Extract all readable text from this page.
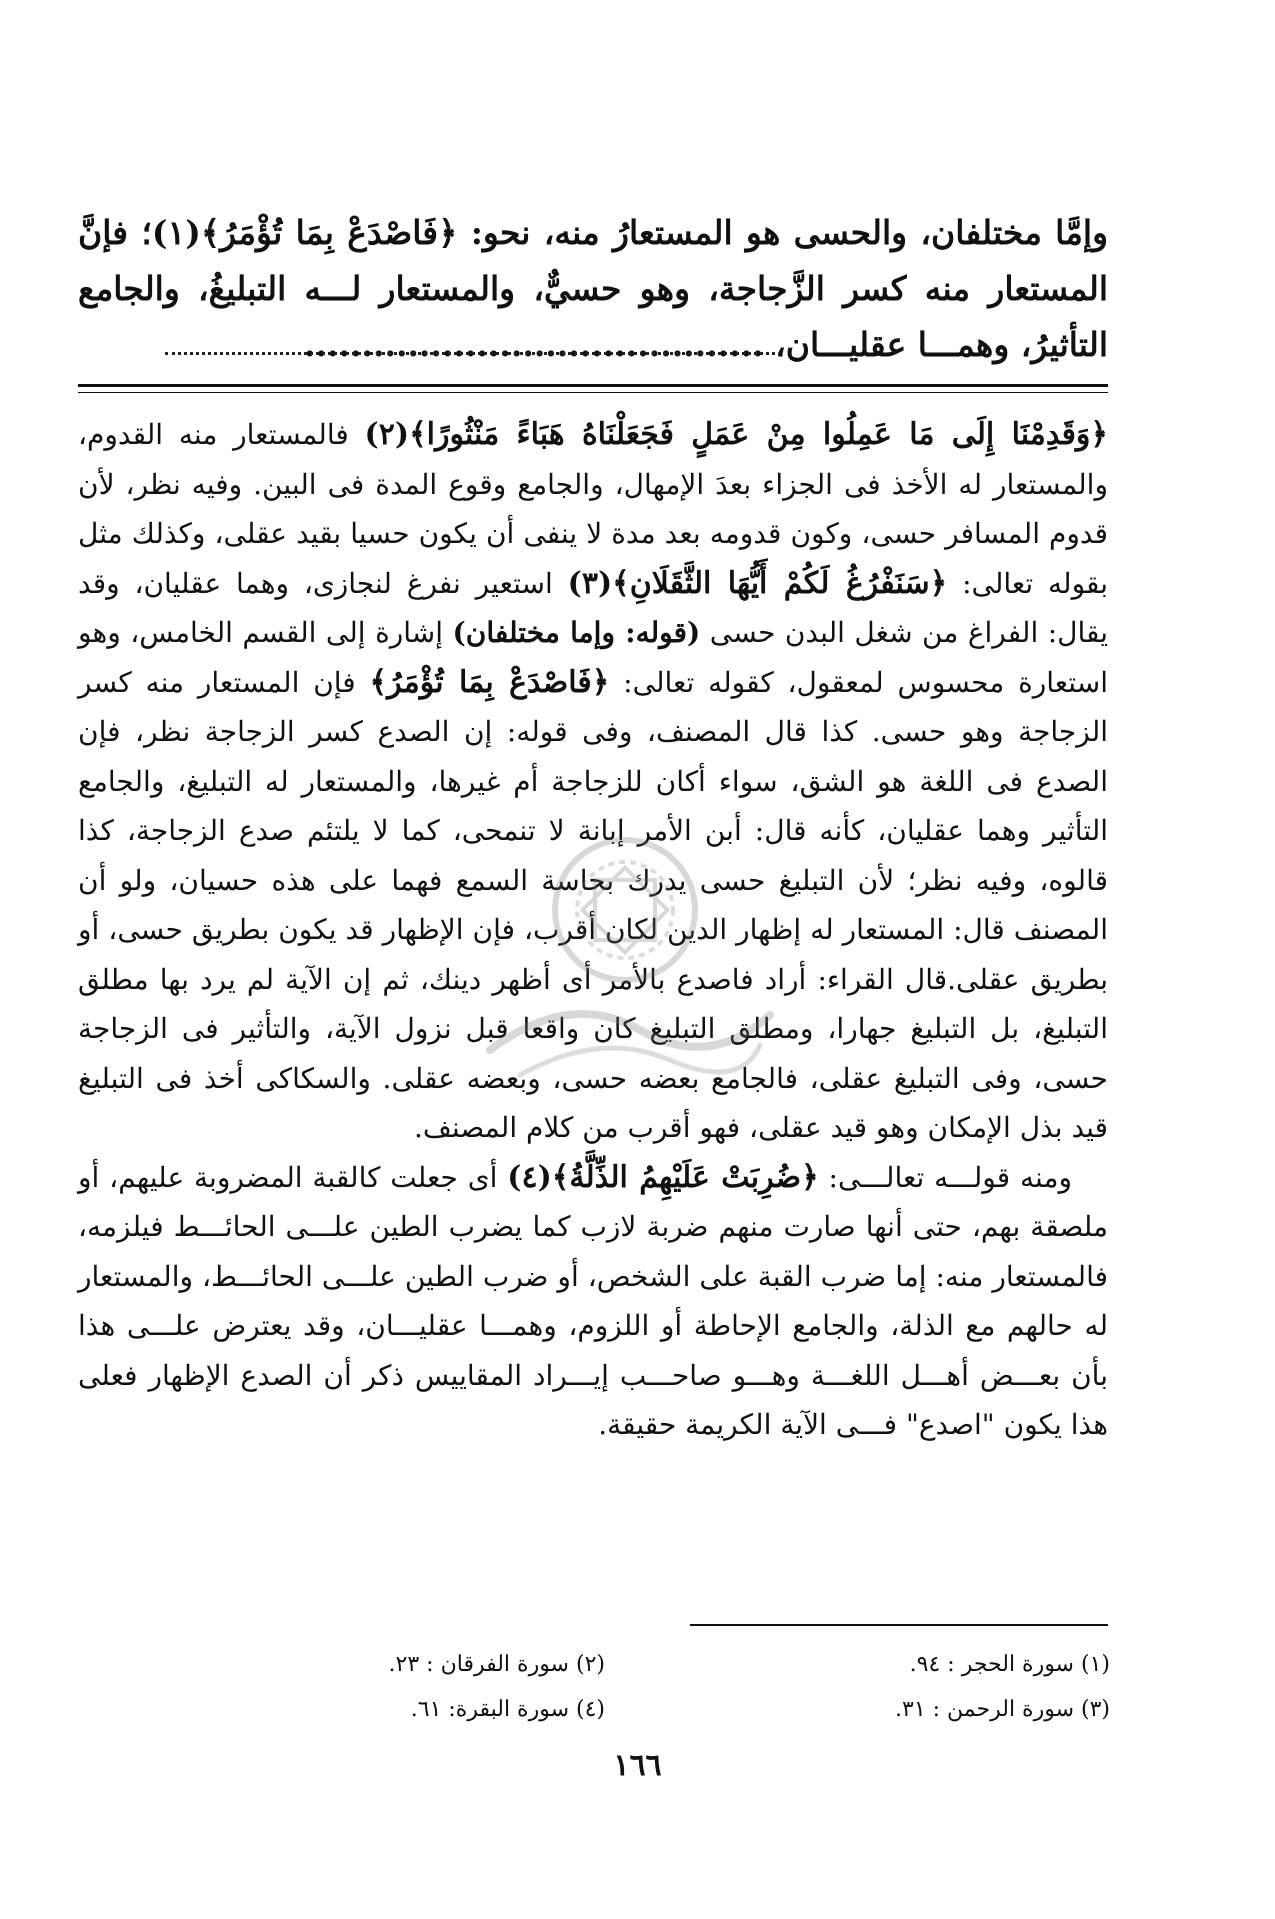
وإمَّا مختلفان، والحسى هو المستعارُ منه، نحو: ﴿فَاصْدَعْ بِمَا تُؤْمَرُ﴾(١)؛ فإنَّ المستعار منه كسر الزَّجاجة، وهو حسيٌّ، والمستعار لـــه التبليغُ، والجامع التأثيرُ، وهمـــا عقليـــان، ........................................

﴿وَقَدِمْنَا إِلَى مَا عَمِلُوا مِنْ عَمَلٍ فَجَعَلْنَاهُ هَبَاءً مَنْثُورًا﴾(٢) فالمستعار منه القدوم، والمستعار له الأخذ فى الجزاء بعدَ الإمهال، والجامع وقوع المدة فى البين. وفيه نظر، لأن قدوم المسافر حسى، وكون قدومه بعد مدة لا ينفى أن يكون حسيا بقيد عقلى، وكذلك مثل بقوله تعالى: ﴿سَنَفْرُغُ لَكُمْ أَيُّهَا الثَّقَلَانِ﴾(٣) استعير نفرغ لنجازى، وهما عقليان، وقد يقال: الفراغ من شغل البدن حسى (قوله: وإما مختلفان) إشارة إلى القسم الخامس، وهو استعارة محسوس لمعقول، كقوله تعالى: ﴿فَاصْدَعْ بِمَا تُؤْمَرُ﴾ فإن المستعار منه كسر الزجاجة وهو حسى. كذا قال المصنف، وفى قوله: إن الصدع كسر الزجاجة نظر، فإن الصدع فى اللغة هو الشق، سواء أكان للزجاجة أم غيرها، والمستعار له التبليغ، والجامع التأثير وهما عقليان، كأنه قال: أبن الأمر إبانة لا تنمحى، كما لا يلتئم صدع الزجاجة، كذا قالوه، وفيه نظر؛ لأن التبليغ حسى يدرك بحاسة السمع فهما على هذه حسيان، ولو أن المصنف قال: المستعار له إظهار الدين لكان أقرب، فإن الإظهار قد يكون بطريق حسى، أو بطريق عقلى.قال القراء: أراد فاصدع بالأمر أى أظهر دينك، ثم إن الآية لم يرد بها مطلق التبليغ، بل التبليغ جهارا، ومطلق التبليغ كان واقعا قبل نزول الآية، والتأثير فى الزجاجة حسى، وفى التبليغ عقلى، فالجامع بعضه حسى، وبعضه عقلى. والسكاكى أخذ فى التبليغ قيد بذل الإمكان وهو قيد عقلى، فهو أقرب من كلام المصنف.

ومنه قولـــه تعالـــى: ﴿ضُرِبَتْ عَلَيْهِمُ الذِّلَّةُ﴾(٤) أى جعلت كالقبة المضروبة عليهم، أو ملصقة بهم، حتى أنها صارت منهم ضربة لازب كما يضرب الطين علـــى الحائـــط فيلزمه، فالمستعار منه: إما ضرب القبة على الشخص، أو ضرب الطين علـــى الحائـــط، والمستعار له حالهم مع الذلة، والجامع الإحاطة أو اللزوم، وهمـــا عقليـــان، وقد يعترض علـــى هذا بأن بعـــض أهـــل اللغـــة وهـــو صاحـــب إيـــراد المقاييس ذكر أن الصدع الإظهار فعلى هذا يكون "اصدع" فـــى الآية الكريمة حقيقة.

(١) سورة الحجر : ٩٤.
(٢) سورة الفرقان : ٢٣.
(٣) سورة الرحمن : ٣١.
(٤) سورة البقرة: ٦١.
١٦٦
